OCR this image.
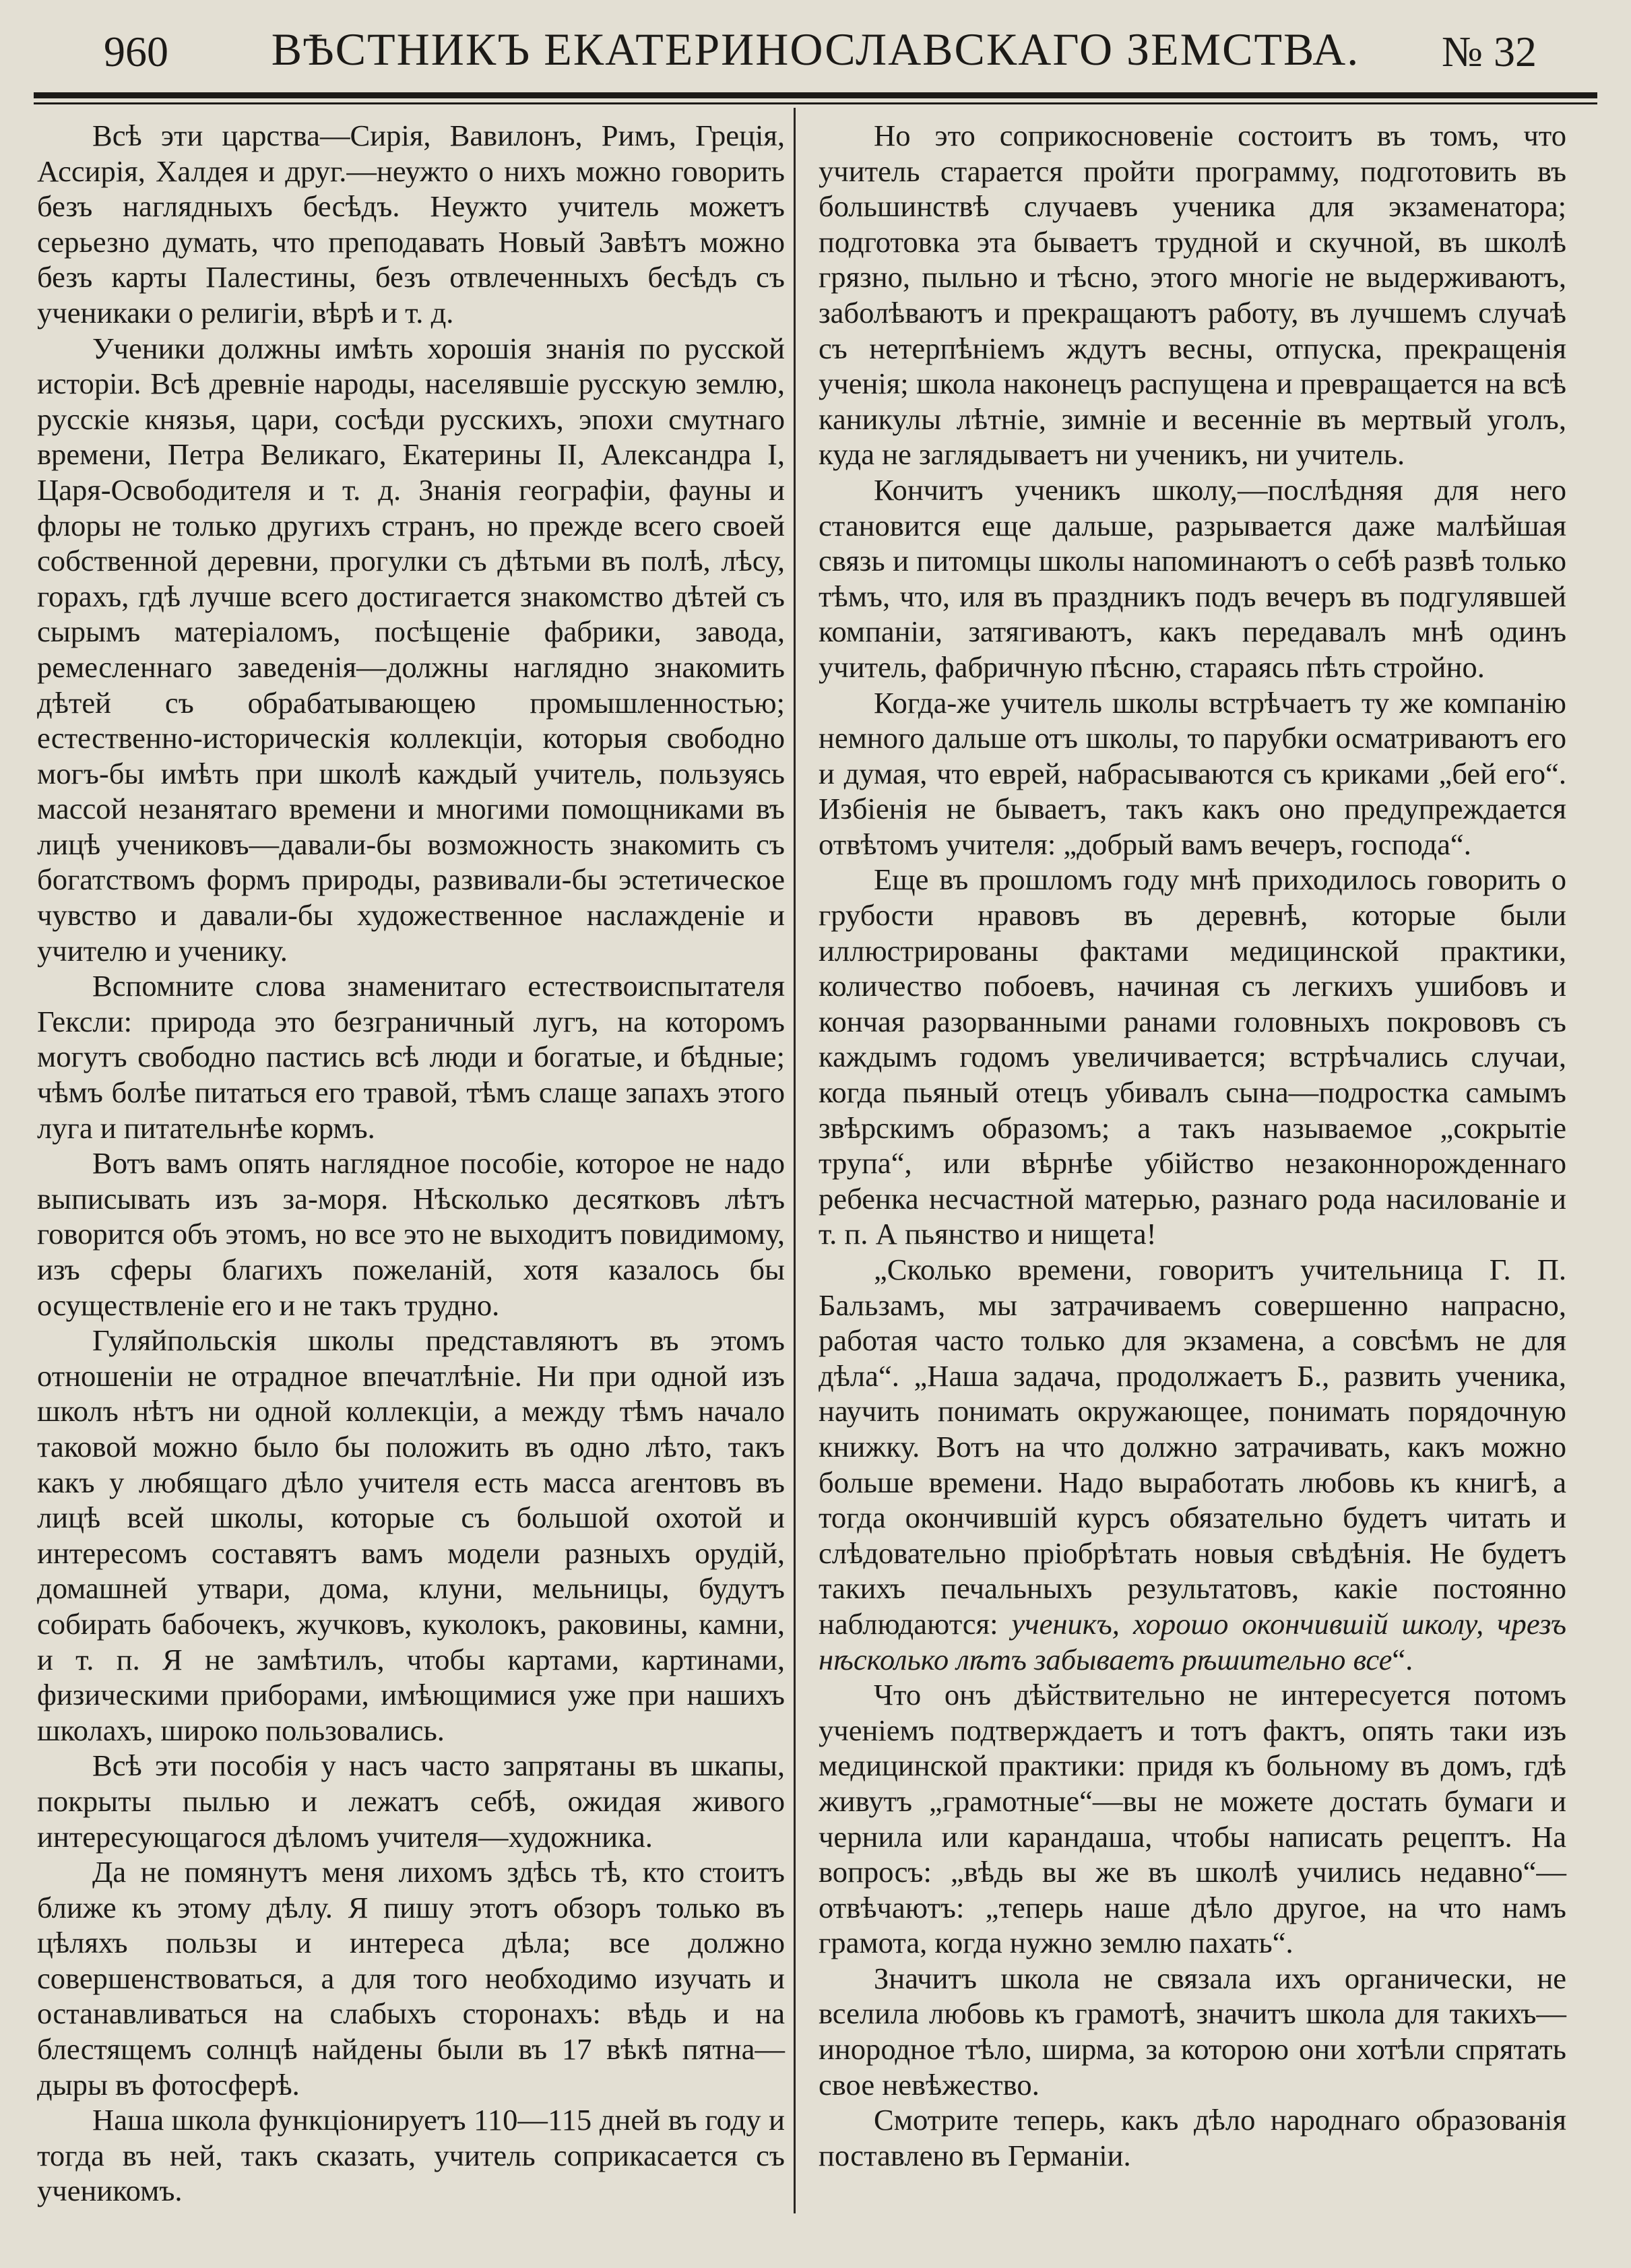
960	ВѢСТНИКЪ ЕКАТЕРИНОСЛАВСКАГО ЗЕМСТВА.	№ 32

Всѣ эти царства—Сирія, Вавилонъ, Римъ, Греція, Ассирія, Халдея и друг.—неужто о нихъ можно говорить безъ наглядныхъ бесѣдъ. Неужто учитель можетъ серьезно думать, что преподавать Новый Завѣтъ можно безъ карты Палестины, безъ отвлеченныхъ бесѣдъ съ ученикаки о религіи, вѣрѣ и т. д.

Ученики должны имѣть хорошія знанія по русской исторіи. Всѣ древніе народы, населявшіе русскую землю, русскіе князья, цари, сосѣди русскихъ, эпохи смутнаго времени, Петра Великаго, Екатерины II, Александра I, Царя-Освободителя и т. д. Знанія географіи, фауны и флоры не только другихъ странъ, но прежде всего своей собственной деревни, прогулки съ дѣтьми въ полѣ, лѣсу, горахъ, гдѣ лучше всего достигается знакомство дѣтей съ сырымъ матеріаломъ, посѣщеніе фабрики, завода, ремесленнаго заведенія—должны наглядно знакомить дѣтей съ обрабатывающею промышленностью; естественно-историческія коллекціи, которыя свободно могъ-бы имѣть при школѣ каждый учитель, пользуясь массой незанятаго времени и многими помощниками въ лицѣ учениковъ—давали-бы возможность знакомить съ богатствомъ формъ природы, развивали-бы эстетическое чувство и давали-бы художественное наслажденіе и учителю и ученику.

Вспомните слова знаменитаго естествоиспытателя Гексли: природа это безграничный лугъ, на которомъ могутъ свободно пастись всѣ люди и богатые, и бѣдные; чѣмъ болѣе питаться его травой, тѣмъ слаще запахъ этого луга и питательнѣе кормъ.

Вотъ вамъ опять наглядное пособіе, которое не надо выписывать изъ за-моря. Нѣсколько десятковъ лѣтъ говорится объ этомъ, но все это не выходитъ повидимому, изъ сферы благихъ пожеланій, хотя казалось бы осуществленіе его и не такъ трудно.

Гуляйпольскія школы представляютъ въ этомъ отношеніи не отрадное впечатлѣніе. Ни при одной изъ школъ нѣтъ ни одной коллекціи, а между тѣмъ начало таковой можно было бы положить въ одно лѣто, такъ какъ у любящаго дѣло учителя есть масса агентовъ въ лицѣ всей школы, которые съ большой охотой и интересомъ составятъ вамъ модели разныхъ орудій, домашней утвари, дома, клуни, мельницы, будутъ собирать бабочекъ, жучковъ, куколокъ, раковины, камни, и т. п. Я не замѣтилъ, чтобы картами, картинами, физическими приборами, имѣющимися уже при нашихъ школахъ, широко пользовались.

Всѣ эти пособія у насъ часто запрятаны въ шкапы, покрыты пылью и лежатъ себѣ, ожидая живого интересующагося дѣломъ учителя—художника.

Да не помянутъ меня лихомъ здѣсь тѣ, кто стоитъ ближе къ этому дѣлу. Я пишу этотъ обзоръ только въ цѣляхъ пользы и интереса дѣла; все должно совершенствоваться, а для того необходимо изучать и останавливаться на слабыхъ сторонахъ: вѣдь и на блестящемъ солнцѣ найдены были въ 17 вѣкѣ пятна—дыры въ фотосферѣ.

Наша школа функціонируетъ 110—115 дней въ году и тогда въ ней, такъ сказать, учитель соприкасается съ ученикомъ.

Но это соприкосновеніе состоитъ въ томъ, что учитель старается пройти программу, подготовить въ большинствѣ случаевъ ученика для экзаменатора; подготовка эта бываетъ трудной и скучной, въ школѣ грязно, пыльно и тѣсно, этого многіе не выдерживаютъ, заболѣваютъ и прекращаютъ работу, въ лучшемъ случаѣ съ нетерпѣніемъ ждутъ весны, отпуска, прекращенія ученія; школа наконецъ распущена и превращается на всѣ каникулы лѣтніе, зимніе и весенніе въ мертвый уголъ, куда не заглядываетъ ни ученикъ, ни учитель.

Кончитъ ученикъ школу,—послѣдняя для него становится еще дальше, разрывается даже малѣйшая связь и питомцы школы напоминаютъ о себѣ развѣ только тѣмъ, что, иля въ праздникъ подъ вечеръ въ подгулявшей компаніи, затягиваютъ, какъ передавалъ мнѣ одинъ учитель, фабричную пѣсню, стараясь пѣть стройно.

Когда-же учитель школы встрѣчаетъ ту же компанію немного дальше отъ школы, то парубки осматриваютъ его и думая, что еврей, набрасываются съ криками „бей его“. Избіенія не бываетъ, такъ какъ оно предупреждается отвѣтомъ учителя: „добрый вамъ вечеръ, господа“.

Еще въ прошломъ году мнѣ приходилось говорить о грубости нравовъ въ деревнѣ, которые были иллюстрированы фактами медицинской практики, количество побоевъ, начиная съ легкихъ ушибовъ и кончая разорванными ранами головныхъ покрововъ съ каждымъ годомъ увеличивается; встрѣчались случаи, когда пьяный отецъ убивалъ сына—подростка самымъ звѣрскимъ образомъ; а такъ называемое „сокрытіе трупа“, или вѣрнѣе убійство незаконнорожденнаго ребенка несчастной матерью, разнаго рода насилованіе и т. п. А пьянство и нищета!

„Сколько времени, говоритъ учительница Г. П. Бальзамъ, мы затрачиваемъ совершенно напрасно, работая часто только для экзамена, а совсѣмъ не для дѣла“. „Наша задача, продолжаетъ Б., развить ученика, научить понимать окружающее, понимать порядочную книжку. Вотъ на что должно затрачивать, какъ можно больше времени. Надо выработать любовь къ книгѣ, а тогда окончившій курсъ обязательно будетъ читать и слѣдовательно пріобрѣтать новыя свѣдѣнія. Не будетъ такихъ печальныхъ результатовъ, какіе постоянно наблюдаются: ученикъ, хорошо окончившій школу, чрезъ нѣсколько лѣтъ забываетъ рѣшительно все“.

Что онъ дѣйствительно не интересуется потомъ ученіемъ подтверждаетъ и тотъ фактъ, опять таки изъ медицинской практики: придя къ больному въ домъ, гдѣ живутъ „грамотные“—вы не можете достать бумаги и чернила или карандаша, чтобы написать рецептъ. На вопросъ: „вѣдь вы же въ школѣ учились недавно“—отвѣчаютъ: „теперь наше дѣло другое, на что намъ грамота, когда нужно землю пахать“.

Значитъ школа не связала ихъ органически, не вселила любовь къ грамотѣ, значитъ школа для такихъ—инородное тѣло, ширма, за которою они хотѣли спрятать свое невѣжество.

Смотрите теперь, какъ дѣло народнаго образованія поставлено въ Германіи.
